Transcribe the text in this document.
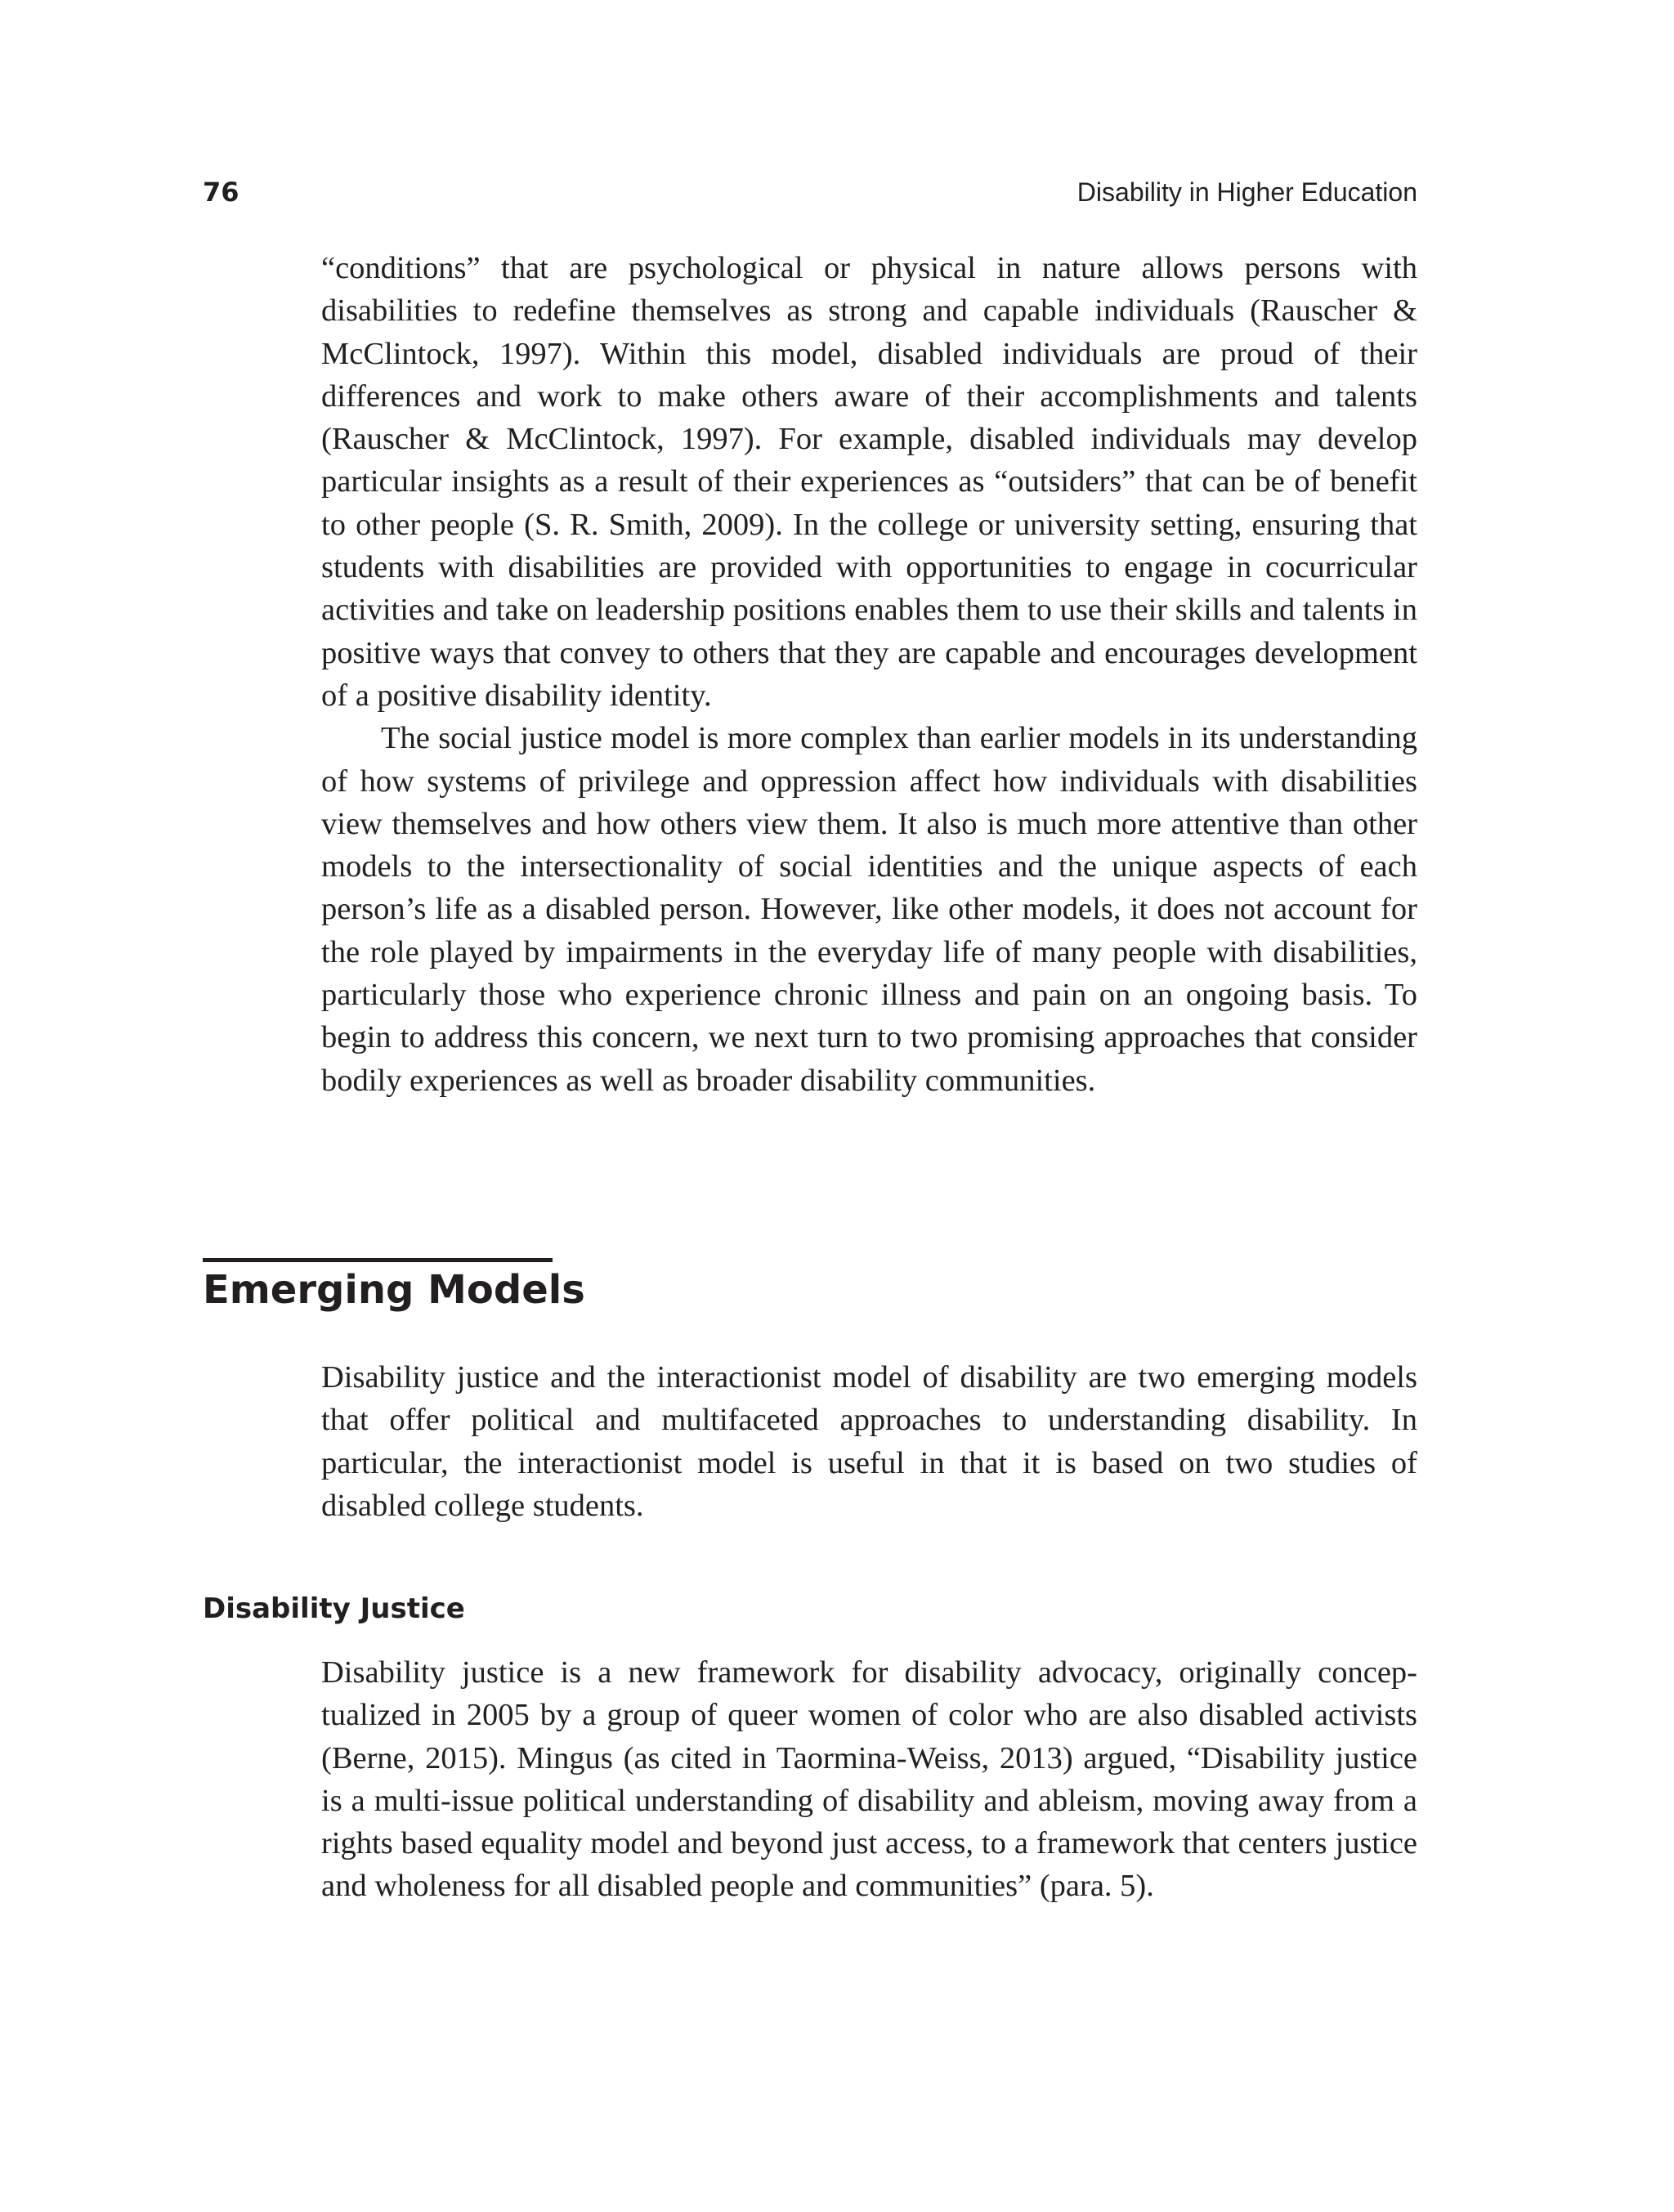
76	Disability in Higher Education

“conditions” that are psychological or physical in nature allows persons with disabilities to redefine themselves as strong and capable individuals (Rauscher & McClintock, 1997). Within this model, disabled individuals are proud of their differences and work to make others aware of their accomplishments and talents (Rauscher & McClintock, 1997). For example, disabled individuals may develop particular insights as a result of their experiences as “outsiders” that can be of benefit to other people (S. R. Smith, 2009). In the college or university setting, ensuring that students with disabilities are provided with opportunities to engage in cocurricular activities and take on leadership positions enables them to use their skills and talents in positive ways that convey to others that they are capable and encourages development of a positive disability identity.

The social justice model is more complex than earlier models in its understanding of how systems of privilege and oppression affect how individuals with disabilities view themselves and how others view them. It also is much more attentive than other models to the intersectionality of social identities and the unique aspects of each person’s life as a disabled person. However, like other models, it does not account for the role played by impairments in the everyday life of many people with disabilities, particularly those who experience chronic illness and pain on an ongoing basis. To begin to address this concern, we next turn to two promising approaches that consider bodily experiences as well as broader disability communities.

Emerging Models

Disability justice and the interactionist model of disability are two emerging models that offer political and multifaceted approaches to understanding disability. In particular, the interactionist model is useful in that it is based on two studies of disabled college students.

Disability Justice

Disability justice is a new framework for disability advocacy, originally conceptualized in 2005 by a group of queer women of color who are also disabled activists (Berne, 2015). Mingus (as cited in Taormina-Weiss, 2013) argued, “Disability justice is a multi-issue political understanding of disability and ableism, moving away from a rights based equality model and beyond just access, to a framework that centers justice and wholeness for all disabled people and communities” (para. 5).
